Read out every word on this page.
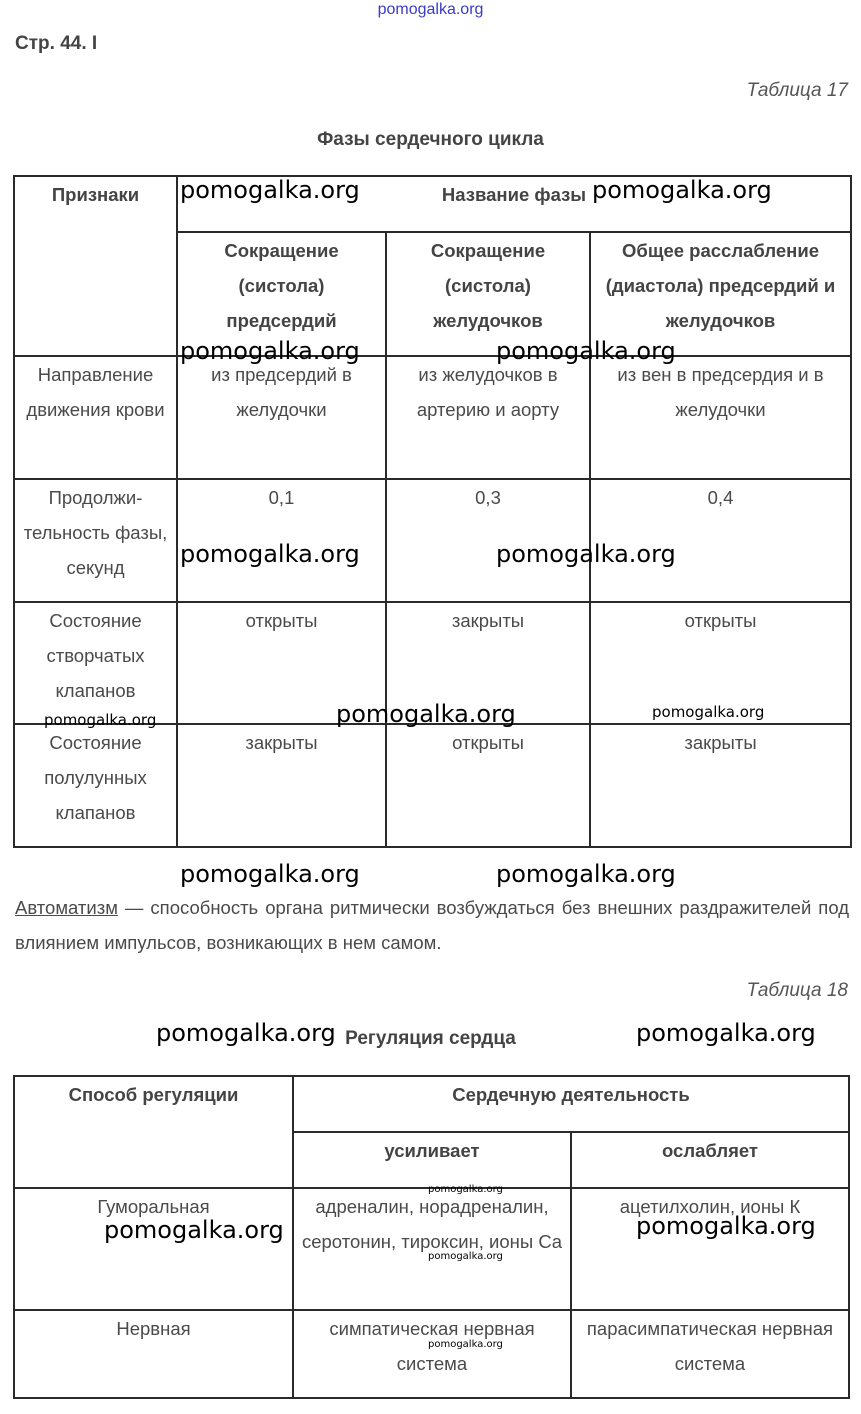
pomogalka.org
Стр. 44. I
Таблица 17
Фазы сердечного цикла
Признаки	Название фазы		
	Сокращение (систола) предсердий	Сокращение (систола) желудочков	Общее расслабление (диастола) предсердий и желудочков
Направление движения крови	из предсердий в желудочки	из желудочков в артерию и аорту	из вен в предсердия и в желудочки
Продолжи-тельность фазы, секунд	0,1	0,3	0,4
Состояние створчатых клапанов	открыты	закрыты	открыты
Состояние полулунных клапанов	закрыты	открыты	закрыты
Автоматизм — способность органа ритмически возбуждаться без внешних раздражителей под влиянием импульсов, возникающих в нем самом.
Таблица 18
Регуляция сердца
Способ регуляции	Сердечную деятельность	
	усиливает	ослабляет
Гуморальная	адреналин, норадреналин, серотонин, тироксин, ионы Ca	ацетилхолин, ионы К
Нервная	симпатическая нервная система	парасимпатическая нервная система
pomogalka.org	pomogalka.org
pomogalka.org	pomogalka.org
pomogalka.org	pomogalka.org
pomogalka.org	pomogalka.org	pomogalka.org
pomogalka.org	pomogalka.org
pomogalka.org	pomogalka.org
pomogalka.org
pomogalka.org	pomogalka.org
pomogalka.org
pomogalka.org
